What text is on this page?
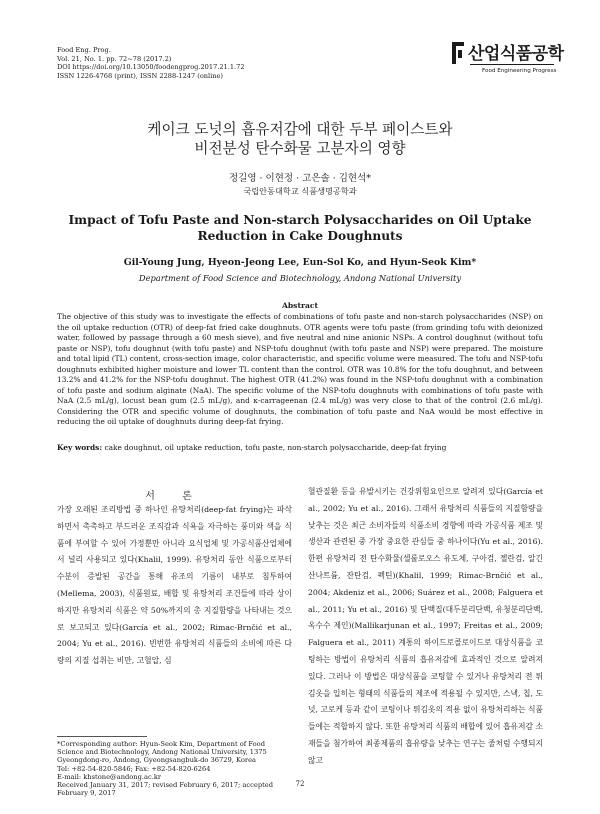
Food Eng. Prog.
Vol. 21, No. 1. pp. 72~78 (2017.2)
DOI https://doi.org/10.13050/foodengprog.2017.21.1.72
ISSN 1226-4768 (print), ISSN 2288-1247 (online)
산업식품공학
Food Engineering Progress
케이크 도넛의 흡유저감에 대한 두부 페이스트와
비전분성 탄수화물 고분자의 영향
정길영 · 이현정 · 고은솔 · 김현석*
국립안동대학교 식품생명공학과
Impact of Tofu Paste and Non-starch Polysaccharides on Oil Uptake
Reduction in Cake Doughnuts
Gil-Young Jung, Hyeon-Jeong Lee, Eun-Sol Ko, and Hyun-Seok Kim*
Department of Food Science and Biotechnology, Andong National University
Abstract
The objective of this study was to investigate the effects of combinations of tofu paste and non-starch polysaccharides (NSP) on the oil uptake reduction (OTR) of deep-fat fried cake doughnuts. OTR agents were tofu paste (from grinding tofu with deionized water, followed by passage through a 60 mesh sieve), and five neutral and nine anionic NSPs. A control doughnut (without tofu paste or NSP), tofu doughnut (with tofu paste) and NSP-tofu doughnut (with tofu paste and NSP) were prepared. The moisture and total lipid (TL) content, cross-section image, color characteristic, and specific volume were measured. The tofu and NSP-tofu doughnuts exhibited higher moisture and lower TL content than the control. OTR was 10.8% for the tofu doughnut, and between 13.2% and 41.2% for the NSP-tofu doughnut. The highest OTR (41.2%) was found in the NSP-tofu doughnut with a combination of tofu paste and sodium alginate (NaA). The specific volume of the NSP-tofu doughnuts with combinations of tofu paste with NaA (2.5 mL/g), locust bean gum (2.5 mL/g), and κ-carrageenan (2.4 mL/g) was very close to that of the control (2.6 mL/g). Considering the OTR and specific volume of doughnuts, the combination of tofu paste and NaA would be most effective in reducing the oil uptake of doughnuts during deep-fat frying.
Key words: cake doughnut, oil uptake reduction, tofu paste, non-starch polysaccharide, deep-fat frying
서 론
가장 오래된 조리방법 중 하나인 유탕처리(deep-fat frying)는 파삭하면서 촉촉하고 부드러운 조직감과 식욕을 자극하는 풍미와 색을 식품에 부여할 수 있어 가정뿐만 아니라 요식업체 및 가공식품산업체에서 널리 사용되고 있다(Khalil, 1999). 유탕처리 동안 식품으로부터 수분이 증발된 공간을 통해 유조의 기름이 내부로 침투하여(Mellema, 2003), 식품원료, 배합 및 유탕처리 조건들에 따라 상이하지만 유탕처리 식품은 약 50%까지의 총 지질함량을 나타내는 것으로 보고되고 있다(García et al., 2002; Rimac-Brnčić et al., 2004; Yu et al., 2016). 빈번한 유탕처리 식품들의 소비에 따른 다량의 지질 섭취는 비만, 고혈압, 심
혈관질환 등을 유발시키는 건강위험요인으로 알려져 있다(García et al., 2002; Yu et al., 2016). 그래서 유탕처리 식품들의 지질함량을 낮추는 것은 최근 소비자들의 식품소비 경향에 따라 가공식품 제조 및 생산과 관련된 중 가장 중요한 관심들 중 하나이다(Yu et al., 2016). 한편 유탕처리 전 탄수화물(셀룰로오스 유도체, 구아검, 젤란검, 알긴산나트륨, 잔탄검, 펙틴)(Khalil, 1999; Rimac-Brnčić et al., 2004; Akdeniz et al., 2006; Suárez et al., 2008; Falguera et al., 2011; Yu et al., 2016) 및 단백질(대두분리단백, 유청분리단백, 옥수수 제인)(Mallikarjunan et al., 1997; Freitas et al., 2009; Falguera et al., 2011) 계통의 하이드로콜로이드로 대상식품을 코팅하는 방법이 유탕처리 식품의 흡유저감에 효과적인 것으로 알려져 있다. 그러나 이 방법은 대상식품을 코팅할 수 있거나 유탕처리 전 튀김옷을 입히는 형태의 식품들의 제조에 적용될 수 있지만, 스낵, 칩, 도넛, 고로케 등과 같이 코팅이나 튀김옷의 적용 없이 유탕처리하는 식품들에는 적합하지 않다. 또한 유탕처리 식품의 배합에 있어 흡유저감 소재들을 첨가하여 최종제품의 흡유량을 낮추는 연구는 줄처럼 수행되지 않고
*Corresponding author: Hyun-Seok Kim, Department of Food Science and Biotechnology, Andong National University, 1375 Gyeongdong-ro, Andong, Gyeongsangbuk-do 36729, Korea
Tel: +82-54-820-5846; Fax: +82-54-820-6264
E-mail: khstone@andong.ac.kr
Received January 31, 2017; revised February 6, 2017; accepted February 9, 2017
72
